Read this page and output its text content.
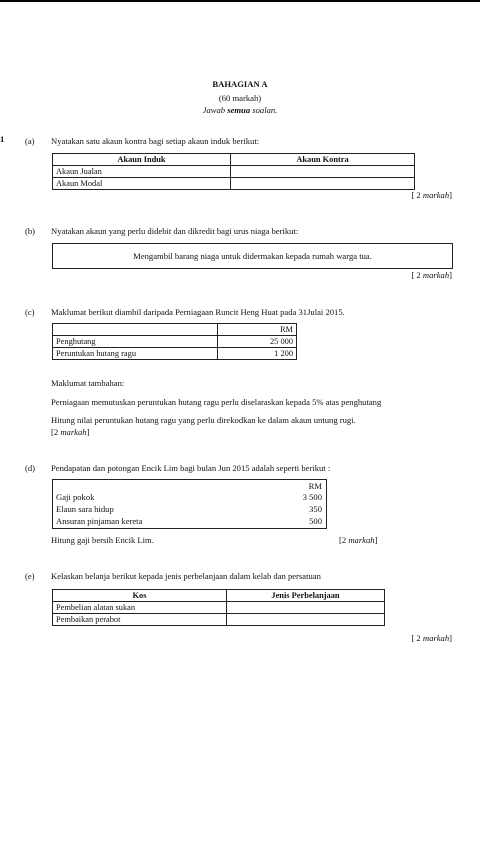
BAHAGIAN A
(60 markah)
Jawab semua soalan.
1 (a) Nyatakan satu akaun kontra bagi setiap akaun induk berikut:
Akaun Induk	Akaun Kontra
Akaun Jualan	
Akaun Modal	
[ 2 markah]
(b) Nyatakan akaun yang perlu didebit dan dikredit bagi urus niaga berikut:
Mengambil barang niaga untuk didermakan kepada rumah warga tua.
[ 2 markah]
(c) Maklumat berikut diambil daripada Perniagaan Runcit Heng Huat pada 31Julai 2015.
	RM
Penghutang	25 000
Peruntukan hutang ragu	1 200
Maklumat tambahan:
Perniagaan memutuskan peruntukan hutang ragu perlu diselaraskan kepada 5% atas penghutang
Hitung nilai peruntukan hutang ragu yang perlu direkodkan ke dalam akaun untung rugi.
[2 markah]
(d) Pendapatan dan potongan Encik Lim bagi bulan Jun 2015 adalah seperti berikut :
RM
Gaji pokok	3 500
Elaun sara hidup	350
Ansuran pinjaman kereta	500
Hitung gaji bersih Encik Lim.	[2 markah]
(e) Kelaskan belanja berikut kepada jenis perbelanjaan dalam kelab dan persatuan
Kos	Jenis Perbelanjaan
Pembelian alatan sukan	
Pembaikan perabot	
[ 2 markah]
